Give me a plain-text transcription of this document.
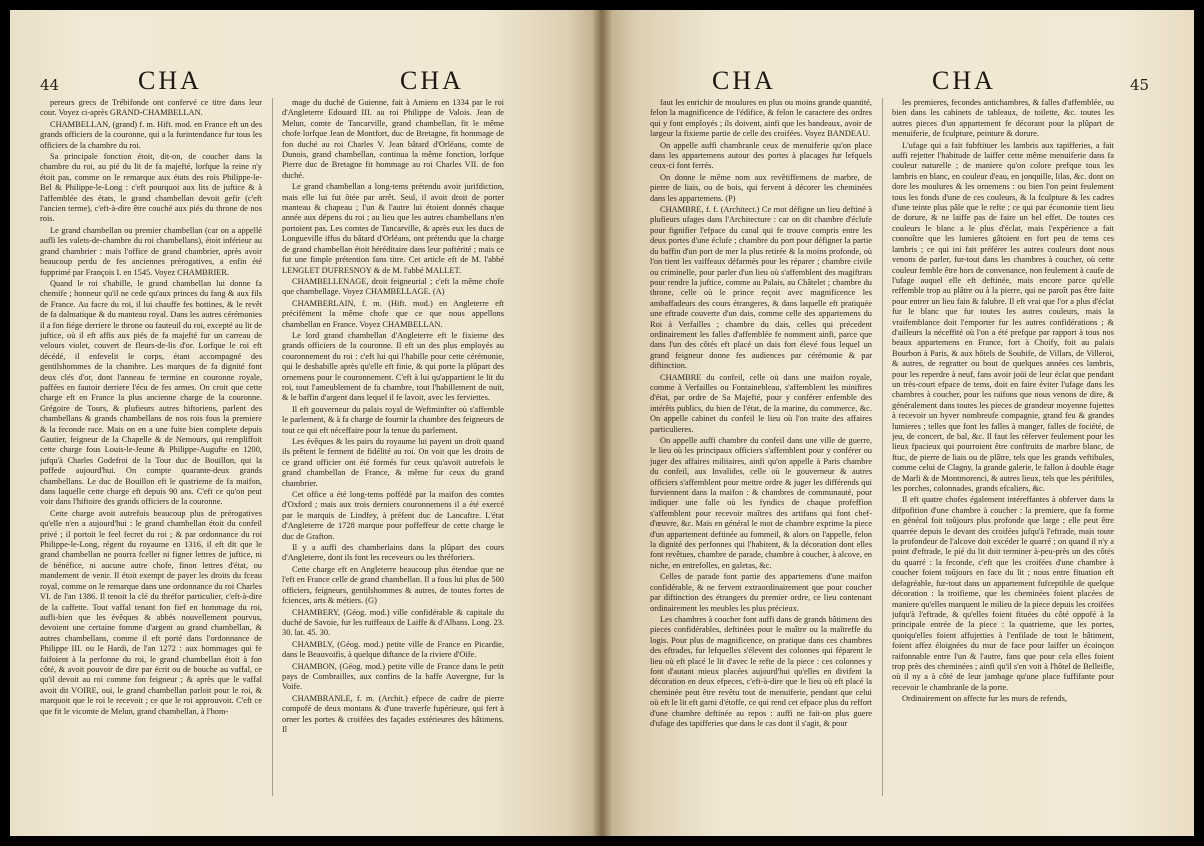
44	CHA	CHA

pereurs grecs de Trébifonde ont confervé ce titre dans leur cour. Voyez ci-après GRAND-CHAMBELLAN.

CHAMBELLAN, (grand) f. m. Hift. mod. en France eft un des grands officiers de la couronne, qui a la furintendance fur tous les officiers de la chambre du roi.

Sa principale fonction étoit, dit-on, de coucher dans la chambre du roi, au pié du lit de fa majefté, lorfque la reine n'y étoit pas, comme on le remarque aux états des rois Philippe-le-Bel & Philippe-le-Long : c'eft pourquoi aux lits de juftice & à l'affemblée des états, le grand chambellan devoit gefir (c'eft l'ancien terme), c'eft-à-dire être couché aux piés du throne de nos rois.

Le grand chambellan ou premier chambellan (car on a appellé aufli les valets-de-chambre du roi chambellans), étoit inférieur au grand chambrier : mais l'office de grand chambrier, après avoir beaucoup perdu de fes anciennes prérogatives, a enfin été fupprimé par François I. en 1545. Voyez CHAMBRIER.

Quand le roi s'habille, le grand chambellan lui donne fa chemife ; honneur qu'il ne cede qu'aux princes du fang & aux fils de France. Au facre du roi, il lui chauffe fes bottines, & le revêt de fa dalmatique & du manteau royal. Dans les autres cérémonies il a fon fiége derriere le throne ou fauteuil du roi, excepté au lit de juftice, où il eft affis aux piés de fa majefté fur un carreau de velours violet, couvert de fleurs-de-lis d'or. Lorfque le roi eft décédé, il enfevelit le corps, étant accompagné des gentilshommes de la chambre. Les marques de fa dignité font deux clés d'or, dont l'anneau fe termine en couronne royale, paffées en fautoir derriere l'écu de fes armes. On croit que cette charge eft en France la plus ancienne charge de la couronne. Grégoire de Tours, & plufieurs autres hiftoriens, parlent des chambellans & grands chambellans de nos rois fous la premiere & la feconde race. Mais on en a une fuite bien complete depuis Gautier, feigneur de la Chapelle & de Nemours, qui rempliffoit cette charge fous Louis-le-Jeune & Philippe-Augufte en 1200, jufqu'à Charles Godefroi de la Tour duc de Bouillon, qui la poffede aujourd'hui. On compte quarante-deux grands chambellans. Le duc de Bouillon eft le quatrieme de fa maifon, dans laquelle cette charge eft depuis 90 ans. C'eft ce qu'on peut voir dans l'hiftoire des grands officiers de la couronne.

Cette charge avoit autrefois beaucoup plus de prérogatives qu'elle n'en a aujourd'hui : le grand chambellan étoit du confeil privé ; il portoit le feel fecret du roi ; & par ordonnance du roi Philippe-le-Long, régent du royaume en 1316, il eft dit que le grand chambellan ne pourra fceller ni figner lettres de juftice, ni de bénéfice, ni aucune autre chofe, finon lettres d'état, ou mandement de venir. Il étoit exempt de payer les droits du fceau royal, comme on le remarque dans une ordonnance du roi Charles VI. de l'an 1386. Il tenoit la clé du thréfor particulier, c'eft-à-dire de la caffette. Tout vaffal tenant fon fief en hommage du roi, aufli-bien que les évêques & abbés nouvellement pourvus, devoient une certaine fomme d'argent au grand chambellan, & autres chambellans, comme il eft porté dans l'ordonnance de Philippe III. ou le Hardi, de l'an 1272 : aux hommages qui fe faifoient à la perfonne du roi, le grand chambellan étoit à fon côté, & avoit pouvoir de dire par écrit ou de bouche au vaffal, ce qu'il devoit au roi comme fon feigneur ; & après que le vaffal avoit dit VOIRE, oui, le grand chambellan parloit pour le roi, & marquoit que le roi le recevoit ; ce que le roi approuvoit. C'eft ce que fit le vicomte de Melun, grand chambellan, à l'hom-

mage du duché de Guienne, fait à Amiens en 1334 par le roi d'Angleterre Edouard III. au roi Philippe de Valois. Jean de Melun, comte de Tancarville, grand chambellan, fit le même chofe lorfque Jean de Montfort, duc de Bretagne, fit hommage de fon duché au roi Charles V. Jean bâtard d'Orléans, comte de Dunois, grand chambellan, continua la même fonction, lorfque Pierre duc de Bretagne fit hommage au roi Charles VII. de fon duché.

Le grand chambellan a long-tems prétendu avoir jurifdiction, mais elle lui fut ôtée par arrêt. Seul, il avoit droit de porter manteau & chapeau ; l'un & l'autre lui étoient donnés chaque année aux dépens du roi ; au lieu que les autres chambellans n'en portoient pas. Les comtes de Tancarville, & après eux les ducs de Longueville iffus du bâtard d'Orléans, ont prétendu que la charge de grand chambellan étoit héréditaire dans leur poftérité ; mais ce fut une fimple prétention fans titre. Cet article eft de M. l'abbé LENGLET DUFRESNOY & de M. l'abbé MALLET.

CHAMBELLENAGE, droit feigneurial ; c'eft la même chofe que chambellage. Voyez CHAMBELLAGE. (A)

CHAMBERLAIN, f. m. (Hift. mod.) en Angleterre eft précifément la même chofe que ce que nous appellons chambellan en France. Voyez CHAMBELLAN.

Le lord grand chambellan d'Angleterre eft le fixieme des grands officiers de la couronne. Il eft un des plus employés au couronnement du roi : c'eft lui qui l'habille pour cette cérémonie, qui le deshabille après qu'elle eft finie, & qui porte la plûpart des ornemens pour le couronnement. C'eft à lui qu'appartient le lit du roi, tout l'ameublement de fa chambre, tout l'habillement de nuit, & le baffin d'argent dans lequel il fe lavoit, avec les ferviettes.

Il eft gouverneur du palais royal de Weftminfter où s'affemble le parlement, & à fa charge de fournir la chambre des feigneurs de tout ce qui eft néceffaire pour la tenue du parlement.

Les évêques & les pairs du royaume lui payent un droit quand ils prêtent le ferment de fidélité au roi. On voit que les droits de ce grand officier ont été formés fur ceux qu'avoit autrefois le grand chambellan de France, & même fur ceux du grand chambrier.

Cet office a été long-tems poffédé par la maifon des comtes d'Oxford ; mais aux trois derniers couronnemens il a été exercé par le marquis de Lindfey, à préfent duc de Lancaftre. L'état d'Angleterre de 1728 marque pour poffeffeur de cette charge le duc de Grafton.

Il y a auffi des chamberlains dans la plûpart des cours d'Angleterre, dont ils font les receveurs ou les thréforiers.

Cette charge eft en Angleterre beaucoup plus étendue que ne l'eft en France celle de grand chambellan. Il a fous lui plus de 500 officiers, feigneurs, gentilshommes & autres, de toutes fortes de fciences, arts & métiers. (G)

CHAMBERY, (Géog. mod.) ville confidérable & capitale du duché de Savoie, fur les ruiffeaux de Laiffe & d'Albans. Long. 23. 30. lat. 45. 30.

CHAMBLY, (Géog. mod.) petite ville de France en Picardie, dans le Beauvoifis, à quelque diftance de la riviere d'Oife.

CHAMBON, (Géog. mod.) petite ville de France dans le petit pays de Combrailles, aux confins de la baffe Auvergne, fur la Voife.

CHAMBRANLE, f. m. (Archit.) efpece de cadre de pierre compofé de deux montans & d'une traverfe fupérieure, qui fert à orner les portes & croifées des façades extérieures des bâtimens. Il

CHA	CHA	45

faut les enrichir de moulures en plus ou moins grande quantité, felon la magnificence de l'édifice, & felon le caractere des ordres qui y font employés ; ils doivent, ainfi que les bandeaux, avoir de largeur la fixieme partie de celle des croifées. Voyez BANDEAU.

On appelle auffi chambranle ceux de menuiferie qu'on place dans les appartemens autour des portes à placages fur lefquels ceux-ci font ferrés.

On donne le même nom aux revêtiffemens de marbre, de pierre de liais, ou de bois, qui fervent à décorer les cheminées dans les appartemens. (P)

CHAMBRE, f. f. (Architect.) Ce mot défigne un lieu deftiné à plufieurs ufages dans l'Architecture : car on dit chambre d'éclufe pour fignifier l'efpace du canal qui fe trouve compris entre les deux portes d'une éclufe ; chambre du port pour défigner la partie du baffin d'un port de mer la plus retirée & la moins profonde, où l'on tient les vaiffeaux défarmés pour les réparer ; chambre civile ou criminelle, pour parler d'un lieu où s'affemblent des magiftrats pour rendre la juftice, comme au Palais, au Châtelet ; chambre du throne, celle où le prince reçoit avec magnificence les ambaffadeurs des cours étrangeres, & dans laquelle eft pratiquée une eftrade couverte d'un dais, comme celle des appartemens du Roi à Verfailles ; chambre du dais, celles qui précedent ordinairement les falles d'affemblée fe nomment ainfi, parce que dans l'un des côtés eft placé un dais fort élevé fous lequel un grand feigneur donne fes audiences par cérémonie & par diftinction.

CHAMBRE du confeil, celle où dans une maifon royale, comme à Verfailles ou Fontainebleau, s'affemblent les miniftres d'état, par ordre de Sa Majefté, pour y conférer enfemble des intérêts publics, du bien de l'état, de la marine, du commerce, &c. On appelle cabinet du confeil le lieu où l'on traite des affaires particulieres.

On appelle auffi chambre du confeil dans une ville de guerre, le lieu où les principaux officiers s'affemblent pour y conférer ou juger des affaires militaires, ainfi qu'on appelle à Paris chambre du confeil, aux Invalides, celle où le gouverneur & autres officiers s'affemblent pour mettre ordre & juger les différends qui furviennent dans la maifon : & chambres de communauté, pour indiquer une falle où les fyndics de chaque profeffion s'affemblent pour recevoir maîtres des artifans qui font chef-d'œuvre, &c. Mais en général le mot de chambre exprime la piece d'un appartement deftinée au fommeil, & alors on l'appelle, felon la dignité des perfonnes qui l'habitent, & la décoration dont elles font revêtues, chambre de parade, chambre à coucher, à alcove, en niche, en entrefolles, en galetas, &c.

Celles de parade font partie des appartemens d'une maifon confidérable, & ne fervent extraordinairement que pour coucher par diftinction des étrangers du premier ordre, ce lieu contenant ordinairement les meubles les plus précieux.

Les chambres à coucher font auffi dans de grands bâtimens des pieces confidérables, deftinées pour le maître ou la maîtreffe du logis. Pour plus de magnificence, on pratique dans ces chambres des eftrades, fur lefquelles s'élevent des colonnes qui féparent le lieu où eft placé le lit d'avec le refte de la piece : ces colonnes y font d'autant mieux placées aujourd'hui qu'elles en divifent la décoration en deux efpeces, c'eft-à-dire que le lieu où eft placé la cheminée peut être revêtu tout de menuiferie, pendant que celui où eft le lit eft garni d'étoffe, ce qui rend cet efpace plus du reffort d'une chambre deftinée au repos : auffi ne fait-on plus guere d'ufage des tapifferies que dans le cas dont il s'agit, & pour

les premieres, fecondes antichambres, & falles d'affemblée, ou bien dans les cabinets de tableaux, de toilette, &c. toutes les autres pieces d'un appartement fe décorant pour la plûpart de menuiferie, de fculpture, peinture & dorure.

L'ufage qui a fait fubftituer les lambris aux tapifferies, a fait auffi rejetter l'habitude de laiffer cette même menuiferie dans fa couleur naturelle ; de maniere qu'on colore prefque tous les lambris en blanc, en couleur d'eau, en jonquille, lilas, &c. dont on dore les moulures & les ornemens : ou bien l'on peint feulement tous les fonds d'une de ces couleurs, & la fculpture & les cadres d'une teinte plus pâle que le refte ; ce qui par économie tient lieu de dorure, & ne laiffe pas de faire un bel effet. De toutes ces couleurs le blanc a le plus d'éclat, mais l'expérience a fait connoître que les lumieres gâtoient en fort peu de tems ces lambris ; ce qui ini fait préférer les autres couleurs dont nous venons de parler, fur-tout dans les chambres à coucher, où cette couleur femble être hors de convenance, non feulement à caufe de l'ufage auquel elle eft deftinée, mais encore parce qu'elle reffemble trop au plâtre ou à la pierre, qui ne paroît pas être faite pour entrer un lieu fain & falubre. Il eft vrai que l'or a plus d'éclat fur le blanc que fur toutes les autres couleurs, mais la vraifemblance doit l'emporter fur les autres confidérations ; & d'ailleurs la néceffité où l'on a été prefque par rapport à tous nos beaux appartemens en France, fort à Choify, foit au palais Bourbon à Paris, & aux hôtels de Soubife, de Villars, de Villeroi, & autres, de regratter ou bout de quelques années ces lambris, pour les reperdre à neuf, fans avoir joüi de leur éclat que pendant un très-court efpace de tems, doit en faire éviter l'ufage dans les chambres à coucher, pour les raifons que nous venons de dire, & généralement dans toutes les pieces de grandeur moyenne fujettes à recevoir un hyver nombreufe compagnie, grand feu & grandes lumieres ; telles que font les falles à manger, falles de fociété, de jeu, de concert, de bal, &c. Il faut les réferver feulement pour les lieux fpacieux qui pourroient être conftruits de marbre blanc, de ftuc, de pierre de liais ou de plâtre, tels que les grands veftibules, comme celui de Clagny, la grande galerie, le fallon à double étage de Marli & de Montmorenci, & autres lieux, tels que les périftiles, les porches, colonnades, grands efcaliers, &c.

Il eft quatre chofes également intéreffantes à obferver dans la difpofition d'une chambre à coucher : la premiere, que fa forme en général foit toûjours plus profonde que large ; elle peut être quarrée depuis le devant des croifées jufqu'à l'eftrade, mais toute la profondeur de l'alcove doit excéder le quarré ; on quand il n'y a point d'eftrade, le pié du lit doit terminer à-peu-près un des côtés du quarré : la feconde, c'eft que les croifées d'une chambre à coucher foient toûjours en face du lit ; nous entre fituation eft defagréable, fur-tout dans un appartement fufceptible de quelque décoration : la troifieme, que les cheminées foient placées de maniere qu'elles marquent le milieu de la piece depuis les croifées jufqu'à l'eftrade, & qu'elles foient fituées du côté oppofé à la principale entrée de la piece : la quatrieme, que les portes, quoiqu'elles foient affujetties à l'enfilade de tout le bâtiment, foient affez éloignées du mur de face pour laiffer un écoinçon raifonnable entre l'un & l'autre, fans que pour cela elles foient trop près des cheminées ; ainfi qu'il s'en voit à l'hôtel de Belleifle, où il ny a à côté de leur jambage qu'une place fuffifante pour recevoir le chambranle de la porte.

Ordinairement on affecte fur les murs de refends,
